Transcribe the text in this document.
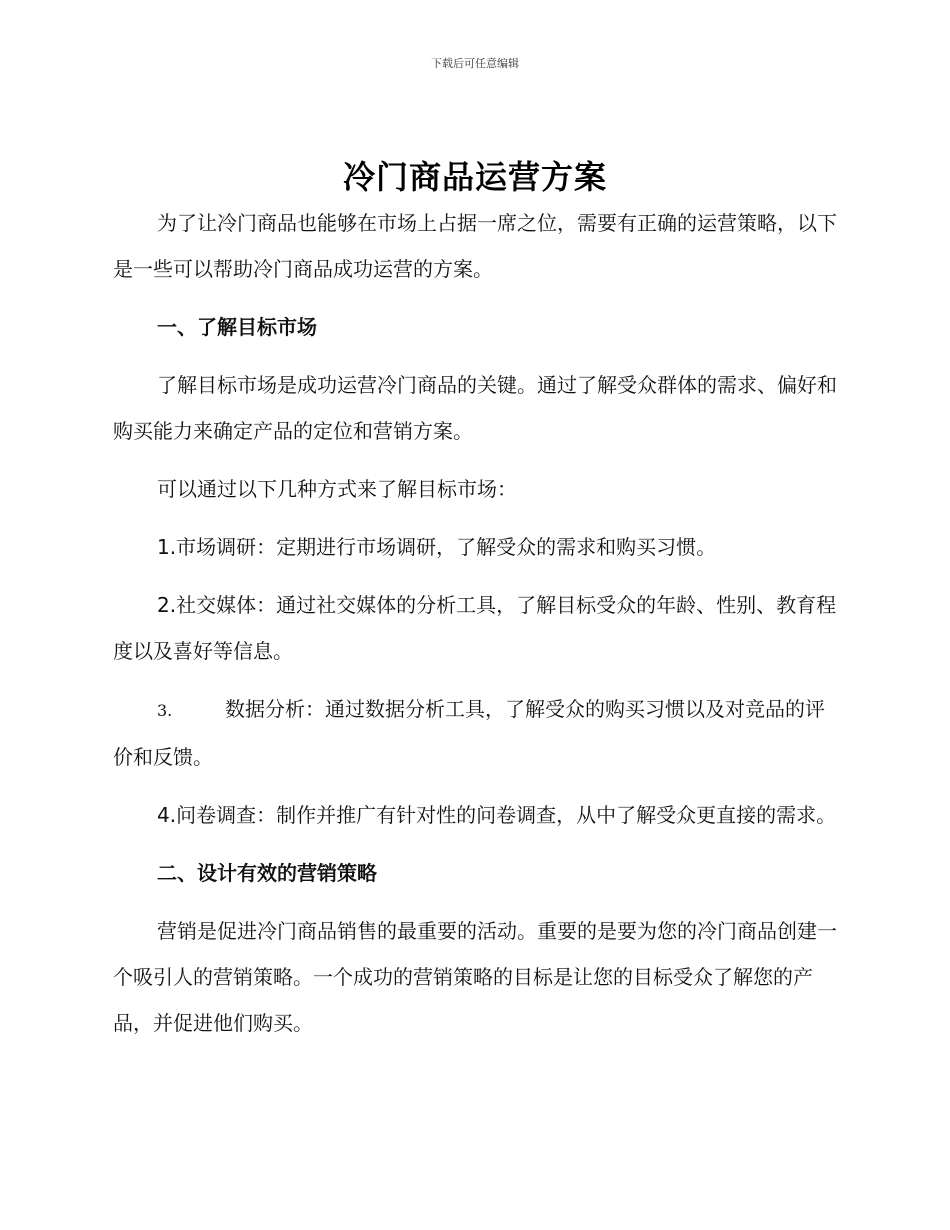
下载后可任意编辑
冷门商品运营方案

为了让冷门商品也能够在市场上占据一席之位，需要有正确的运营策略，以下是一些可以帮助冷门商品成功运营的方案。

一、了解目标市场

了解目标市场是成功运营冷门商品的关键。通过了解受众群体的需求、偏好和购买能力来确定产品的定位和营销方案。

可以通过以下几种方式来了解目标市场：

1.市场调研：定期进行市场调研，了解受众的需求和购买习惯。

2.社交媒体：通过社交媒体的分析工具，了解目标受众的年龄、性别、教育程度以及喜好等信息。

3.	数据分析：通过数据分析工具，了解受众的购买习惯以及对竞品的评价和反馈。

4.问卷调查：制作并推广有针对性的问卷调查，从中了解受众更直接的需求。

二、设计有效的营销策略

营销是促进冷门商品销售的最重要的活动。重要的是要为您的冷门商品创建一个吸引人的营销策略。一个成功的营销策略的目标是让您的目标受众了解您的产品，并促进他们购买。
